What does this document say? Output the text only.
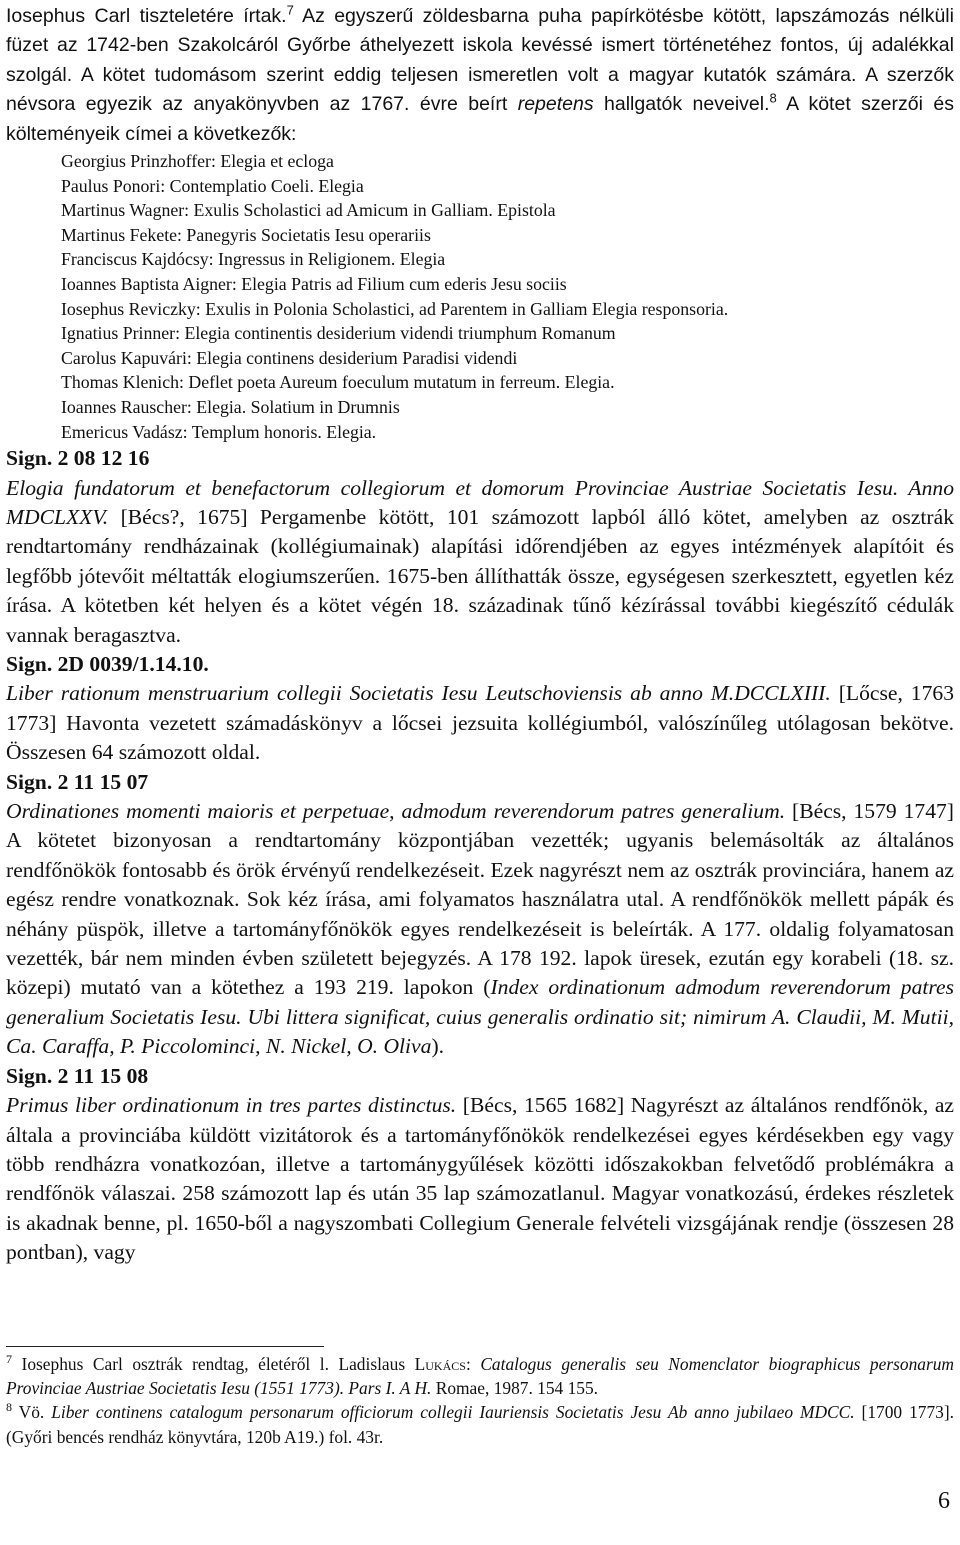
Iosephus Carl tiszteletére írtak.$^7$ Az egyszerű zöldesbarna puha papírkötésbe kötött, lapszámozás nélküli füzet az 1742-ben Szakolcáról Győrbe áthelyezett iskola kevéssé ismert történetéhez fontos, új adalékkal szolgál. A kötet tudomásom szerint eddig teljesen ismeretlen volt a magyar kutatók számára. A szerzők névsora egyezik az anyakönyvben az 1767. évre beírt repetens hallgatók neveivel.$^8$ A kötet szerzői és költeményeik címei a következők:

Georgius Prinzhoffer: Elegia et ecloga
Paulus Ponori: Contemplatio Coeli. Elegia
Martinus Wagner: Exulis Scholastici ad Amicum in Galliam. Epistola
Martinus Fekete: Panegyris Societatis Iesu operariis
Franciscus Kajdócsy: Ingressus in Religionem. Elegia
Ioannes Baptista Aigner: Elegia Patris ad Filium cum ederis Jesu sociis
Iosephus Reviczky: Exulis in Polonia Scholastici, ad Parentem in Galliam Elegia responsoria.
Ignatius Prinner: Elegia continentis desiderium videndi triumphum Romanum
Carolus Kapuvári: Elegia continens desiderium Paradisi videndi
Thomas Klenich: Deflet poeta Aureum foeculum mutatum in ferreum. Elegia.
Ioannes Rauscher: Elegia. Solatium in Drumnis
Emericus Vadász: Templum honoris. Elegia.

Sign. 2 08 12 16

Elogia fundatorum et benefactorum collegiorum et domorum Provinciae Austriae Societatis Iesu. Anno MDCLXXV. [Bécs?, 1675] Pergamenbe kötött, 101 számozott lapból álló kötet, amelyben az osztrák rendtartomány rendházainak (kollégiumainak) alapítási időrendjében az egyes intézmények alapítóit és legfőbb jótevőit méltatták elogiumszerűen. 1675-ben állíthatták össze, egységesen szerkesztett, egyetlen kéz írása. A kötetben két helyen és a kötet végén 18. századinak tűnő kézírással további kiegészítő cédulák vannak beragasztva.

Sign. 2D 0039/1.14.10.

Liber rationum menstruarium collegii Societatis Iesu Leutschoviensis ab anno M.DCCLXIII. [Lőcse, 1763 1773] Havonta vezetett számadáskönyv a lőcsei jezsuita kollégiumból, valószínűleg utólagosan bekötve. Összesen 64 számozott oldal.

Sign. 2 11 15 07

Ordinationes momenti maioris et perpetuae, admodum reverendorum patres generalium. [Bécs, 1579 1747] A kötetet bizonyosan a rendtartomány központjában vezették; ugyanis belemásolták az általános rendfőnökök fontosabb és örök érvényű rendelkezéseit. Ezek nagyrészt nem az osztrák provinciára, hanem az egész rendre vonatkoznak. Sok kéz írása, ami folyamatos használatra utal. A rendfőnökök mellett pápák és néhány püspök, illetve a tartományfőnökök egyes rendelkezéseit is beleírták. A 177. oldalig folyamatosan vezették, bár nem minden évben született bejegyzés. A 178 192. lapok üresek, ezután egy korabeli (18. sz. közepi) mutató van a kötethez a 193 219. lapokon (Index ordinationum admodum reverendorum patres generalium Societatis Iesu. Ubi littera significat, cuius generalis ordinatio sit; nimirum A. Claudii, M. Mutii, Ca. Caraffa, P. Piccolominci, N. Nickel, O. Oliva).

Sign. 2 11 15 08

Primus liber ordinationum in tres partes distinctus. [Bécs, 1565 1682] Nagyrészt az általános rendfőnök, az általa a provinciába küldött vizitátorok és a tartományfőnökök rendelkezései egyes kérdésekben egy vagy több rendházra vonatkozóan, illetve a tartománygyűlések közötti időszakokban felvetődő problémákra a rendfőnök válaszai. 258 számozott lap és után 35 lap számozatlanul. Magyar vonatkozású, érdekes részletek is akadnak benne, pl. 1650-ből a nagyszombati Collegium Generale felvételi vizsgájának rendje (összesen 28 pontban), vagy

$^7$ Iosephus Carl osztrák rendtag, életéről l. Ladislaus Lukács: Catalogus generalis seu Nomenclator biographicus personarum Provinciae Austriae Societatis Iesu (1551 1773). Pars I. A H. Romae, 1987. 154 155.

$^8$ Vö. Liber continens catalogum personarum officiorum collegii Iauriensis Societatis Jesu Ab anno jubilaeo MDCC. [1700 1773]. (Győri bencés rendház könyvtára, 120b A19.) fol. 43r.

6
